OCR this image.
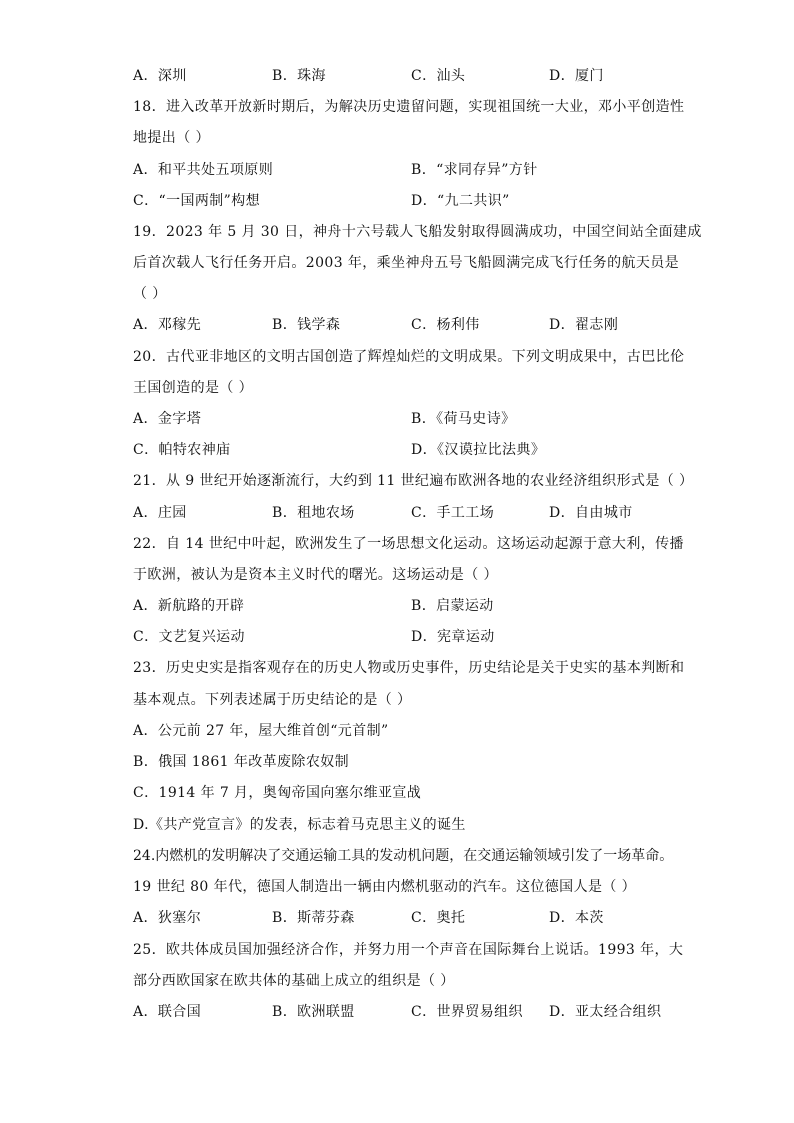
A．深圳	B．珠海	C．汕头	D．厦门
18．进入改革开放新时期后，为解决历史遗留问题，实现祖国统一大业，邓小平创造性
地提出（ ）
A．和平共处五项原则	B．“求同存异”方针
C．“一国两制”构想	D．“九二共识”
19．2023 年 5 月 30 日，神舟十六号载人飞船发射取得圆满成功，中国空间站全面建成
后首次载人飞行任务开启。2003 年，乘坐神舟五号飞船圆满完成飞行任务的航天员是
（ ）
A．邓稼先	B．钱学森	C．杨利伟	D．翟志刚
20．古代亚非地区的文明古国创造了辉煌灿烂的文明成果。下列文明成果中，古巴比伦
王国创造的是（ ）
A．金字塔	B．《荷马史诗》
C．帕特农神庙	D．《汉谟拉比法典》
21．从 9 世纪开始逐渐流行，大约到 11 世纪遍布欧洲各地的农业经济组织形式是（ ）
A．庄园	B．租地农场	C．手工工场	D．自由城市
22．自 14 世纪中叶起，欧洲发生了一场思想文化运动。这场运动起源于意大利，传播
于欧洲，被认为是资本主义时代的曙光。这场运动是（ ）
A．新航路的开辟	B．启蒙运动
C．文艺复兴运动	D．宪章运动
23．历史史实是指客观存在的历史人物或历史事件，历史结论是关于史实的基本判断和
基本观点。下列表述属于历史结论的是（ ）
A．公元前 27 年，屋大维首创“元首制”
B．俄国 1861 年改革废除农奴制
C．1914 年 7 月，奥匈帝国向塞尔维亚宣战
D.《共产党宣言》的发表，标志着马克思主义的诞生
24.内燃机的发明解决了交通运输工具的发动机问题，在交通运输领域引发了一场革命。
19 世纪 80 年代，德国人制造出一辆由内燃机驱动的汽车。这位德国人是（ ）
A．狄塞尔	B．斯蒂芬森	C．奥托	D．本茨
25．欧共体成员国加强经济合作，并努力用一个声音在国际舞台上说话。1993 年，大
部分西欧国家在欧共体的基础上成立的组织是（ ）
A．联合国	B．欧洲联盟	C．世界贸易组织 D．亚太经合组织
